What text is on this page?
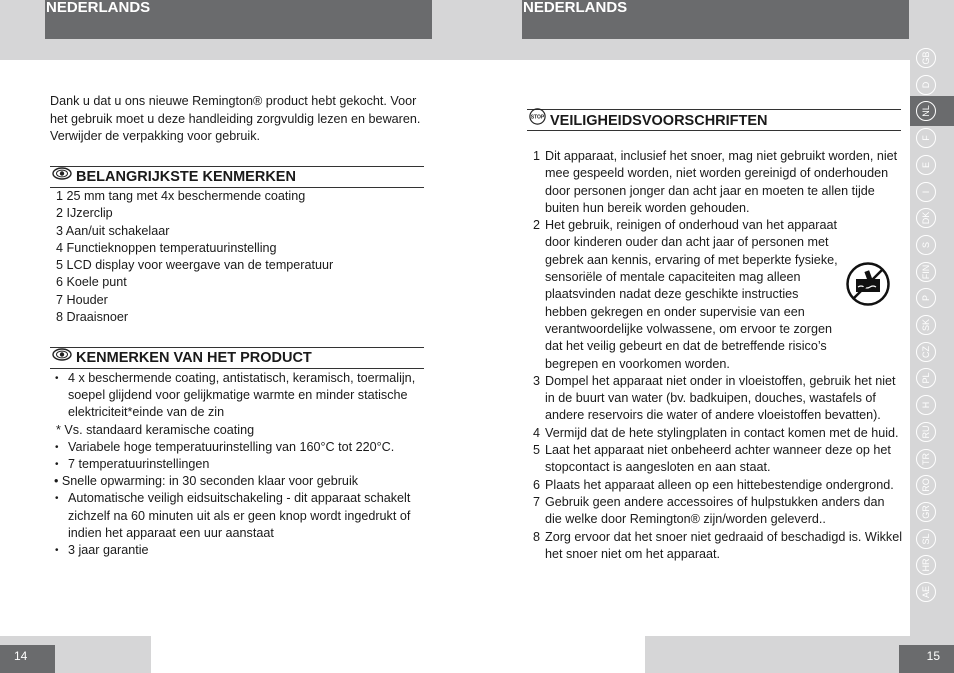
NEDERLANDS	NEDERLANDS

Dank u dat u ons nieuwe Remington® product hebt gekocht. Voor het gebruik moet u deze handleiding zorgvuldig lezen en bewaren. Verwijder de verpakking voor gebruik.

BELANGRIJKSTE KENMERKEN
1 25 mm tang met 4x beschermende coating
2 IJzerclip
3 Aan/uit schakelaar
4 Functieknoppen temperatuurinstelling
5 LCD display voor weergave van de temperatuur
6 Koele punt
7 Houder
8 Draaisnoer
KENMERKEN VAN HET PRODUCT
• 4 x beschermende coating, antistatisch, keramisch, toermalijn, soepel glijdend voor gelijkmatige warmte en minder statische elektriciteit*einde van de zin
* Vs. standaard keramische coating
• Variabele hoge temperatuurinstelling van 160°C tot 220°C.
• 7 temperatuurinstellingen
• Snelle opwarming: in 30 seconden klaar voor gebruik
• Automatische veiligh eidsuitschakeling - dit apparaat schakelt zichzelf na 60 minuten uit als er geen knop wordt ingedrukt of indien het apparaat een uur aanstaat
• 3 jaar garantie
STOP VEILIGHEIDSVOORSCHRIFTEN
1 Dit apparaat, inclusief het snoer, mag niet gebruikt worden, niet mee gespeeld worden, niet worden gereinigd of onderhouden door personen jonger dan acht jaar en moeten te allen tijde buiten hun bereik worden gehouden.
2 Het gebruik, reinigen of onderhoud van het apparaat door kinderen ouder dan acht jaar of personen met gebrek aan kennis, ervaring of met beperkte fysieke, sensoriële of mentale capaciteiten mag alleen plaatsvinden nadat deze geschikte instructies hebben gekregen en onder supervisie van een verantwoordelijke volwassene, om ervoor te zorgen dat het veilig gebeurt en dat de betreffende risico’s begrepen en voorkomen worden.
3 Dompel het apparaat niet onder in vloeistoffen, gebruik het niet in de buurt van water (bv. badkuipen, douches, wastafels of andere reservoirs die water of andere vloeistoffen bevatten).
4 Vermijd dat de hete stylingplaten in contact komen met de huid.
5 Laat het apparaat niet onbeheerd achter wanneer deze op het stopcontact is aangesloten en aan staat.
6 Plaats het apparaat alleen op een hittebestendige ondergrond.
7 Gebruik geen andere accessoires of hulpstukken anders dan die welke door Remington® zijn/worden geleverd..
8 Zorg ervoor dat het snoer niet gedraaid of beschadigd is. Wikkel het snoer niet om het apparaat.
GB
D
NL
F
E
I
DK
S
FIN
P
SK
CZ
PL
H
RU
TR
RO
GR
SL
HR
AE
14	15
